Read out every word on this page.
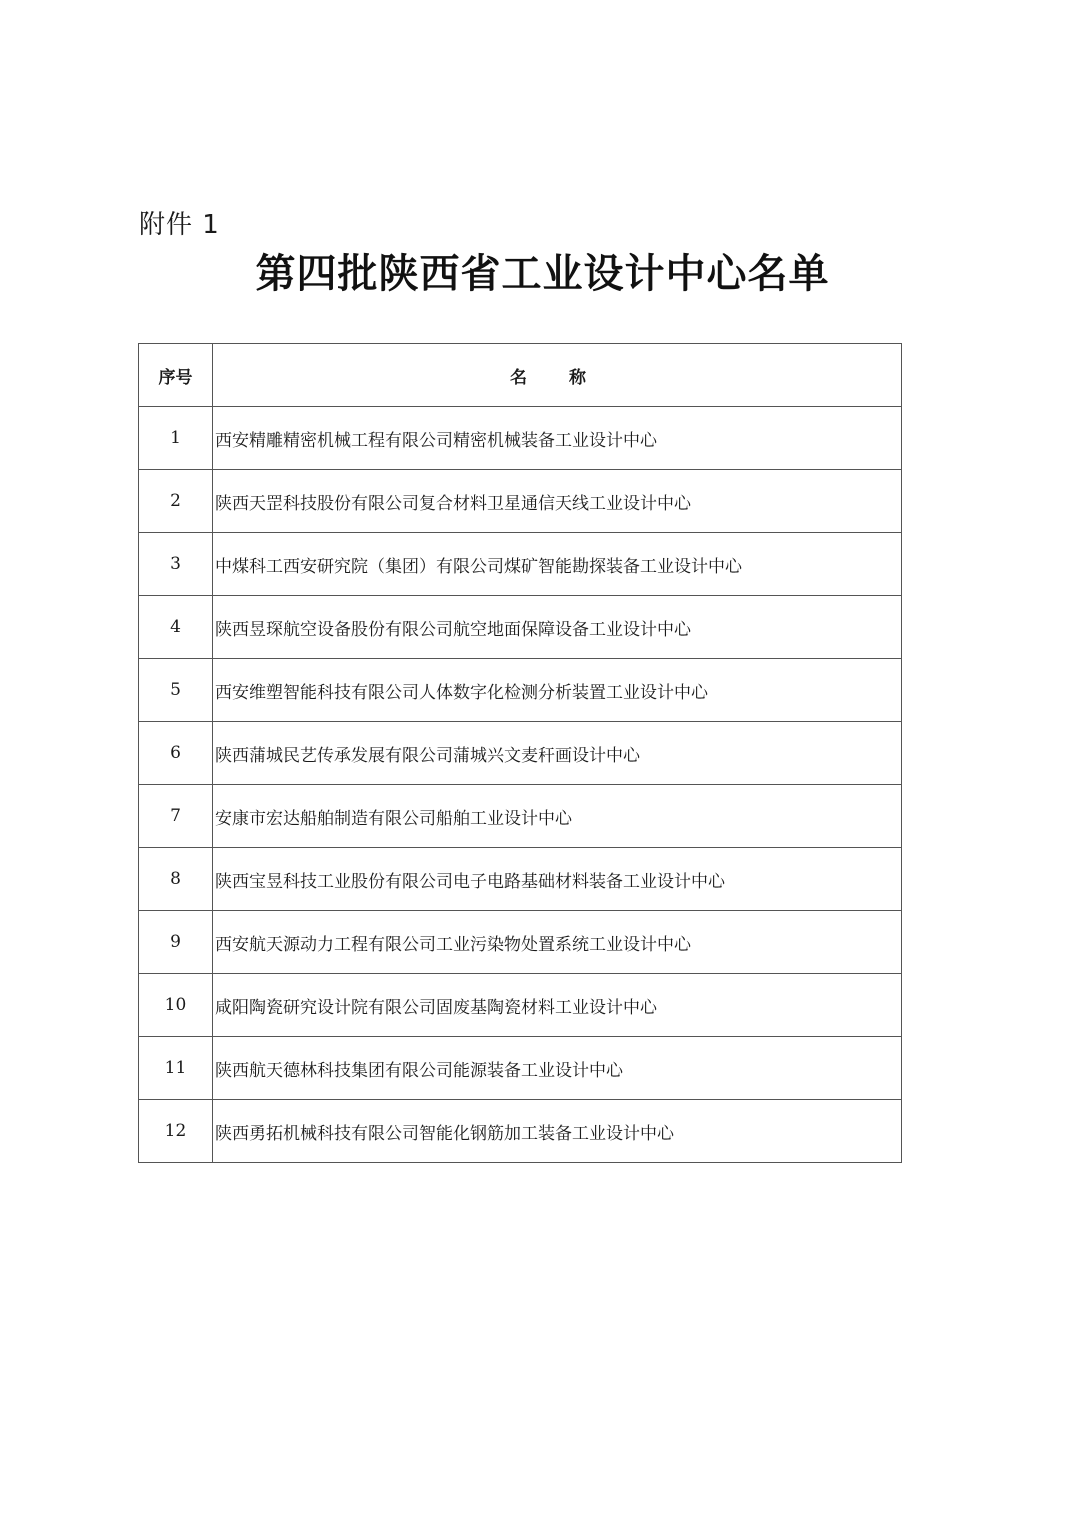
附件 1
第四批陕西省工业设计中心名单
序号	名 称
1	西安精雕精密机械工程有限公司精密机械装备工业设计中心
2	陕西天罡科技股份有限公司复合材料卫星通信天线工业设计中心
3	中煤科工西安研究院（集团）有限公司煤矿智能勘探装备工业设计中心
4	陕西昱琛航空设备股份有限公司航空地面保障设备工业设计中心
5	西安维塑智能科技有限公司人体数字化检测分析装置工业设计中心
6	陕西蒲城民艺传承发展有限公司蒲城兴文麦秆画设计中心
7	安康市宏达船舶制造有限公司船舶工业设计中心
8	陕西宝昱科技工业股份有限公司电子电路基础材料装备工业设计中心
9	西安航天源动力工程有限公司工业污染物处置系统工业设计中心
10	咸阳陶瓷研究设计院有限公司固废基陶瓷材料工业设计中心
11	陕西航天德林科技集团有限公司能源装备工业设计中心
12	陕西勇拓机械科技有限公司智能化钢筋加工装备工业设计中心
